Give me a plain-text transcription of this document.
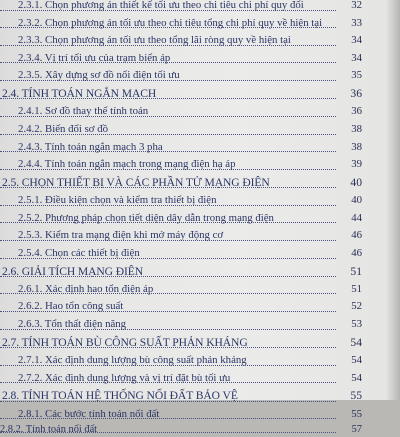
2.3.1. Chọn phương án thiết kế tối ưu theo chi tiêu chi phí quy đổi	32
2.3.2. Chọn phương án tối ưu theo chi tiêu tổng chi phí quy về hiện tại	33
2.3.3. Chọn phương án tối ưu theo tổng lãi ròng quy về hiện tại	34
2.3.4. Vị trí tối ưu của trạm biến áp	34
2.3.5. Xây dựng sơ đồ nối điện tối ưu	35
2.4. TÍNH TOÁN NGẮN MẠCH	36
2.4.1. Sơ đồ thay thế tính toán	36
2.4.2. Biến đổi sơ đồ	38
2.4.3. Tính toán ngắn mạch 3 pha	38
2.4.4. Tính toán ngắn mạch trong mạng điện hạ áp	39
2.5. CHỌN THIẾT BỊ VÀ CÁC PHẦN TỬ MẠNG ĐIỆN	40
2.5.1. Điều kiện chọn và kiểm tra thiết bị điện	40
2.5.2. Phương pháp chọn tiết diện dây dẫn trong mạng điện	44
2.5.3. Kiểm tra mạng điện khi mở máy động cơ	46
2.5.4. Chọn các thiết bị điện	46
2.6. GIẢI TÍCH MẠNG ĐIỆN	51
2.6.1. Xác định hao tổn điện áp	51
2.6.2. Hao tổn công suất	52
2.6.3. Tổn thất điện năng	53
2.7. TÍNH TOÁN BÙ CÔNG SUẤT PHẢN KHÁNG	54
2.7.1. Xác định dung lượng bù công suất phản kháng	54
2.7.2. Xác định dung lượng và vị trí đặt bù tối ưu	54
2.8. TÍNH TOÁN HỆ THỐNG NỐI ĐẤT BẢO VỆ	55
2.8.1. Các bước tính toán nối đất	55
2.8.2. Tính toán nối đất	57
